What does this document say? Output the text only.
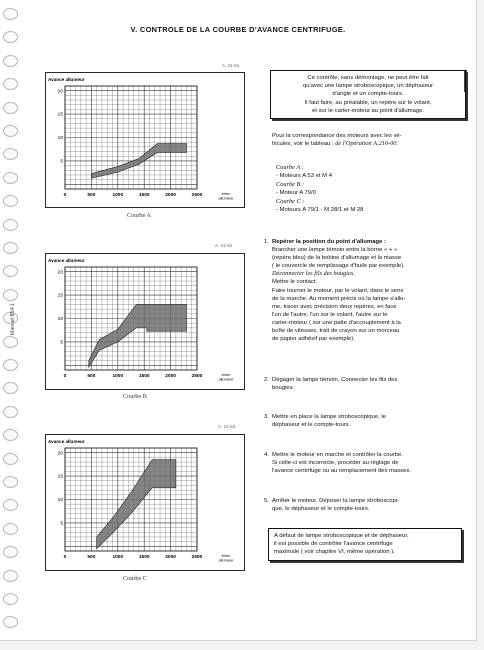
V. CONTROLE DE LA COURBE D'AVANCE CENTRIFUGE.
Manuel 854-1
Avance allumeur
20
15
10
5
0	500	1000	1500	2000	2500	tr/mn
allumeur
Avance allumeur
20
15
10
5
0	500	1000	1500	2000	2500	tr/mn
allumeur
Avance allumeur
20
15
10
5
0	500	1000	1500	2000	2500	tr/mn
allumeur
A. 21-51
A. 21-52
A. 21-53
Courbe A
Courbe B
Courbe C
Ce contrôle, sans démontage, ne peut être fait
qu'avec une lampe stroboscopique, un déphaseur
d'angle et un compte-tours.
Il faut faire, au préalable, un repère sur le volant,
et sur le carter-moteur au point d'allumage.
Pour la correspondance des moteurs avec les vé-
hicules, voir le tableau : de l'Opération A.210-00.
Courbe A :
- Moteurs A 53 et M 4
Courbe B :
- Moteur A 79/0
Courbe C :
- Moteurs A 79/1 - M 28/1 et M 28
1. Repérer la position du point d'allumage :
Brancher une lampe témoin entre la borne « + »
(repère bleu) de la bobine d'allumage et la masse
( le couvercle de remplissage d'huile par exemple).
Déconnecter les fils des bougies.
Mettre le contact.
Faire tourner le moteur, par le volant, dans le sens
de la marche. Au moment précis où la lampe s'allu-
me, tracer avec précision deux repères, en face
l'un de l'autre, l'un sur le volant, l'autre sur le
carter-moteur ( sur une patte d'accouplement à la
boîte de vitesses, trait de crayon sur un morceau
de papier adhésif par exemple).
2. Dégager la lampe témoin. Connecter les fils des
bougies.
3. Mettre en place la lampe stroboscopique, le
déphaseur et le compte-tours.
4. Mettre le moteur en marche et contrôler la courbe.
Si celle-ci est incorrecte, procéder au réglage de
l'avance centrifuge ou au remplacement des masses.
5. Arrêter le moteur. Déposer la lampe stroboscopi-
que, le déphaseur et le compte-tours.
A défaut de lampe stroboscopique et de déphaseur,
il est possible de contrôler l'avance centrifuge
maximale ( voir chapitre VI, même opération ).
